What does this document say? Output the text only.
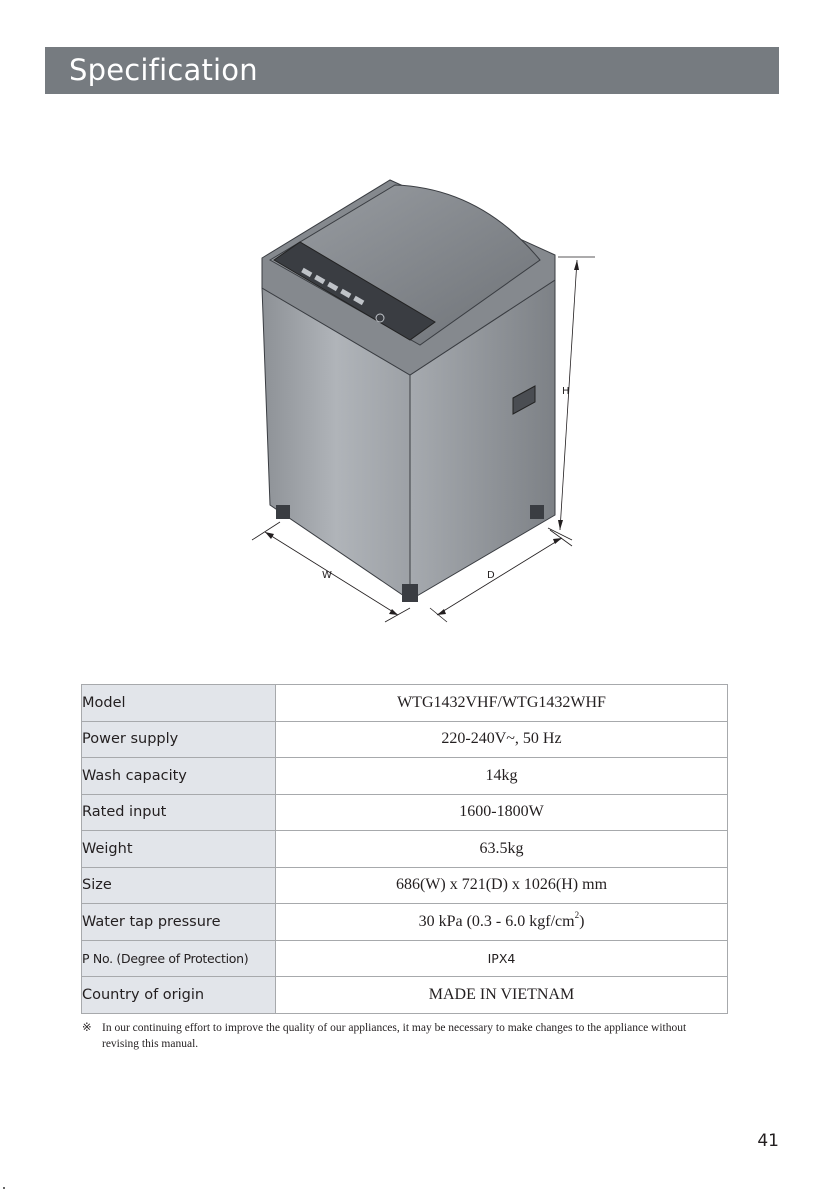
Specification
H
W	D
Model	WTG1432VHF/WTG1432WHF
Power supply	220-240V~, 50 Hz
Wash capacity	14kg
Rated input	1600-1800W
Weight	63.5kg
Size	686(W) x 721(D) x 1026(H) mm
Water tap pressure	30 kPa (0.3 - 6.0 kgf/$cm^2$)
P No. (Degree of Protection)	IPX4
Country of origin	MADE IN VIETNAM
※ In our continuing effort to improve the quality of our appliances, it may be necessary to make changes to the appliance without
revising this manual.
41
